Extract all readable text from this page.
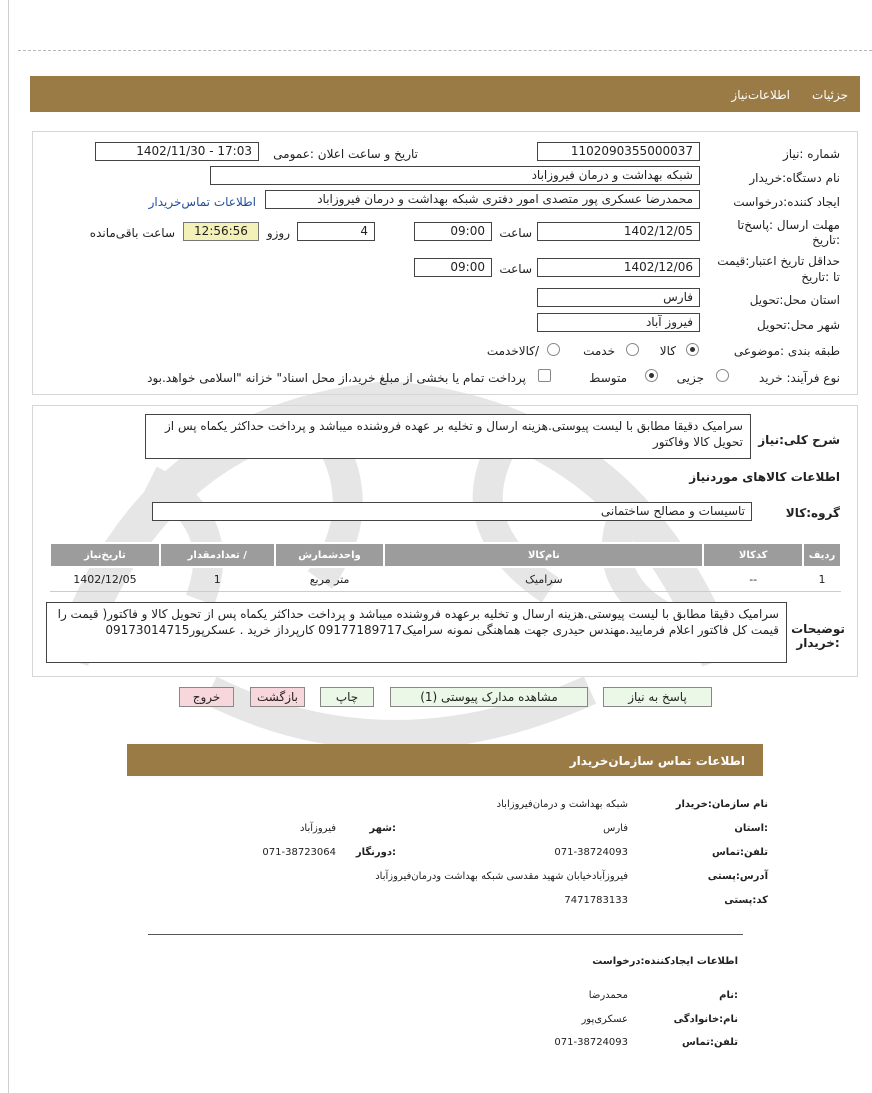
جزئیات
اطلاعات‌نیاز
شماره :نیاز
1102090355000037
تاریخ و ساعت اعلان :عمومی
1402/11/30 - 17:03
نام دستگاه:خریدار
شبکه بهداشت و درمان فیروزاباد
ایجاد کننده:درخواست
محمدرضا عسکری پور متصدی امور دفتری شبکه بهداشت و درمان فیروزاباد
اطلاعات تماس‌خریدار
مهلت ارسال :پاسخ‌تا
:تاریخ
1402/12/05
ساعت
09:00
4
روزو
12:56:56
ساعت باقی‌مانده
حداقل تاریخ اعتبار:قیمت
تا :تاریخ
1402/12/06
ساعت
09:00
استان محل:تحویل
فارس
شهر محل:تحویل
فیروز آباد
طبقه بندی :موضوعی
کالا
خدمت
/کالاخدمت
نوع فرآیند: خرید
جزیی
متوسط
پرداخت تمام یا بخشی از مبلغ خرید،از محل اسناد" خزانه "اسلامی خواهد.بود
شرح کلی:نیاز
سرامیک دقیقا مطابق با لیست پیوستی.هزینه ارسال و تخلیه بر عهده فروشنده میباشد و پرداخت حداکثر یکماه پس از تحویل کالا وفاکتور
اطلاعات کالاهای موردنیاز
گروه:کالا
تاسیسات و مصالح ساختمانی
ردیف	کدکالا	نام‌کالا	واحدشمارش	/ تعدادمقدار	تاریخ‌نیاز
1	--	سرامیک	متر مربع	1	1402/12/05
توضیحات :خریدار
سرامیک دقیقا مطابق با لیست پیوستی.هزینه ارسال و تخلیه برعهده فروشنده میباشد و پرداخت حداکثر یکماه پس از تحویل کالا و فاکتور( قیمت را قیمت کل فاکتور اعلام فرمایید.مهندس حیدری جهت هماهنگی نمونه سرامیک09177189717 کارپرداز خرید . عسکرپور09173014715
پاسخ به نیاز
مشاهده مدارک پیوستی (1)
چاپ
بازگشت
خروج
اطلاعات تماس سازمان‌خریدار
نام سازمان:خریدار
شبکه بهداشت و درمان‌فیروزاباد
:استان
فارس
:شهر
فیروزآباد
تلفن:تماس
071-38724093
:دورنگار
071-38723064
آدرس:پستی
فیروزآبادخیابان شهید مقدسی شبکه بهداشت ودرمان‌فیروزآباد
کد:پستی
7471783133
اطلاعات ایجادکننده:درخواست
:نام
محمدرضا
نام:خانوادگی
عسکری‌پور
تلفن:تماس
071-38724093
